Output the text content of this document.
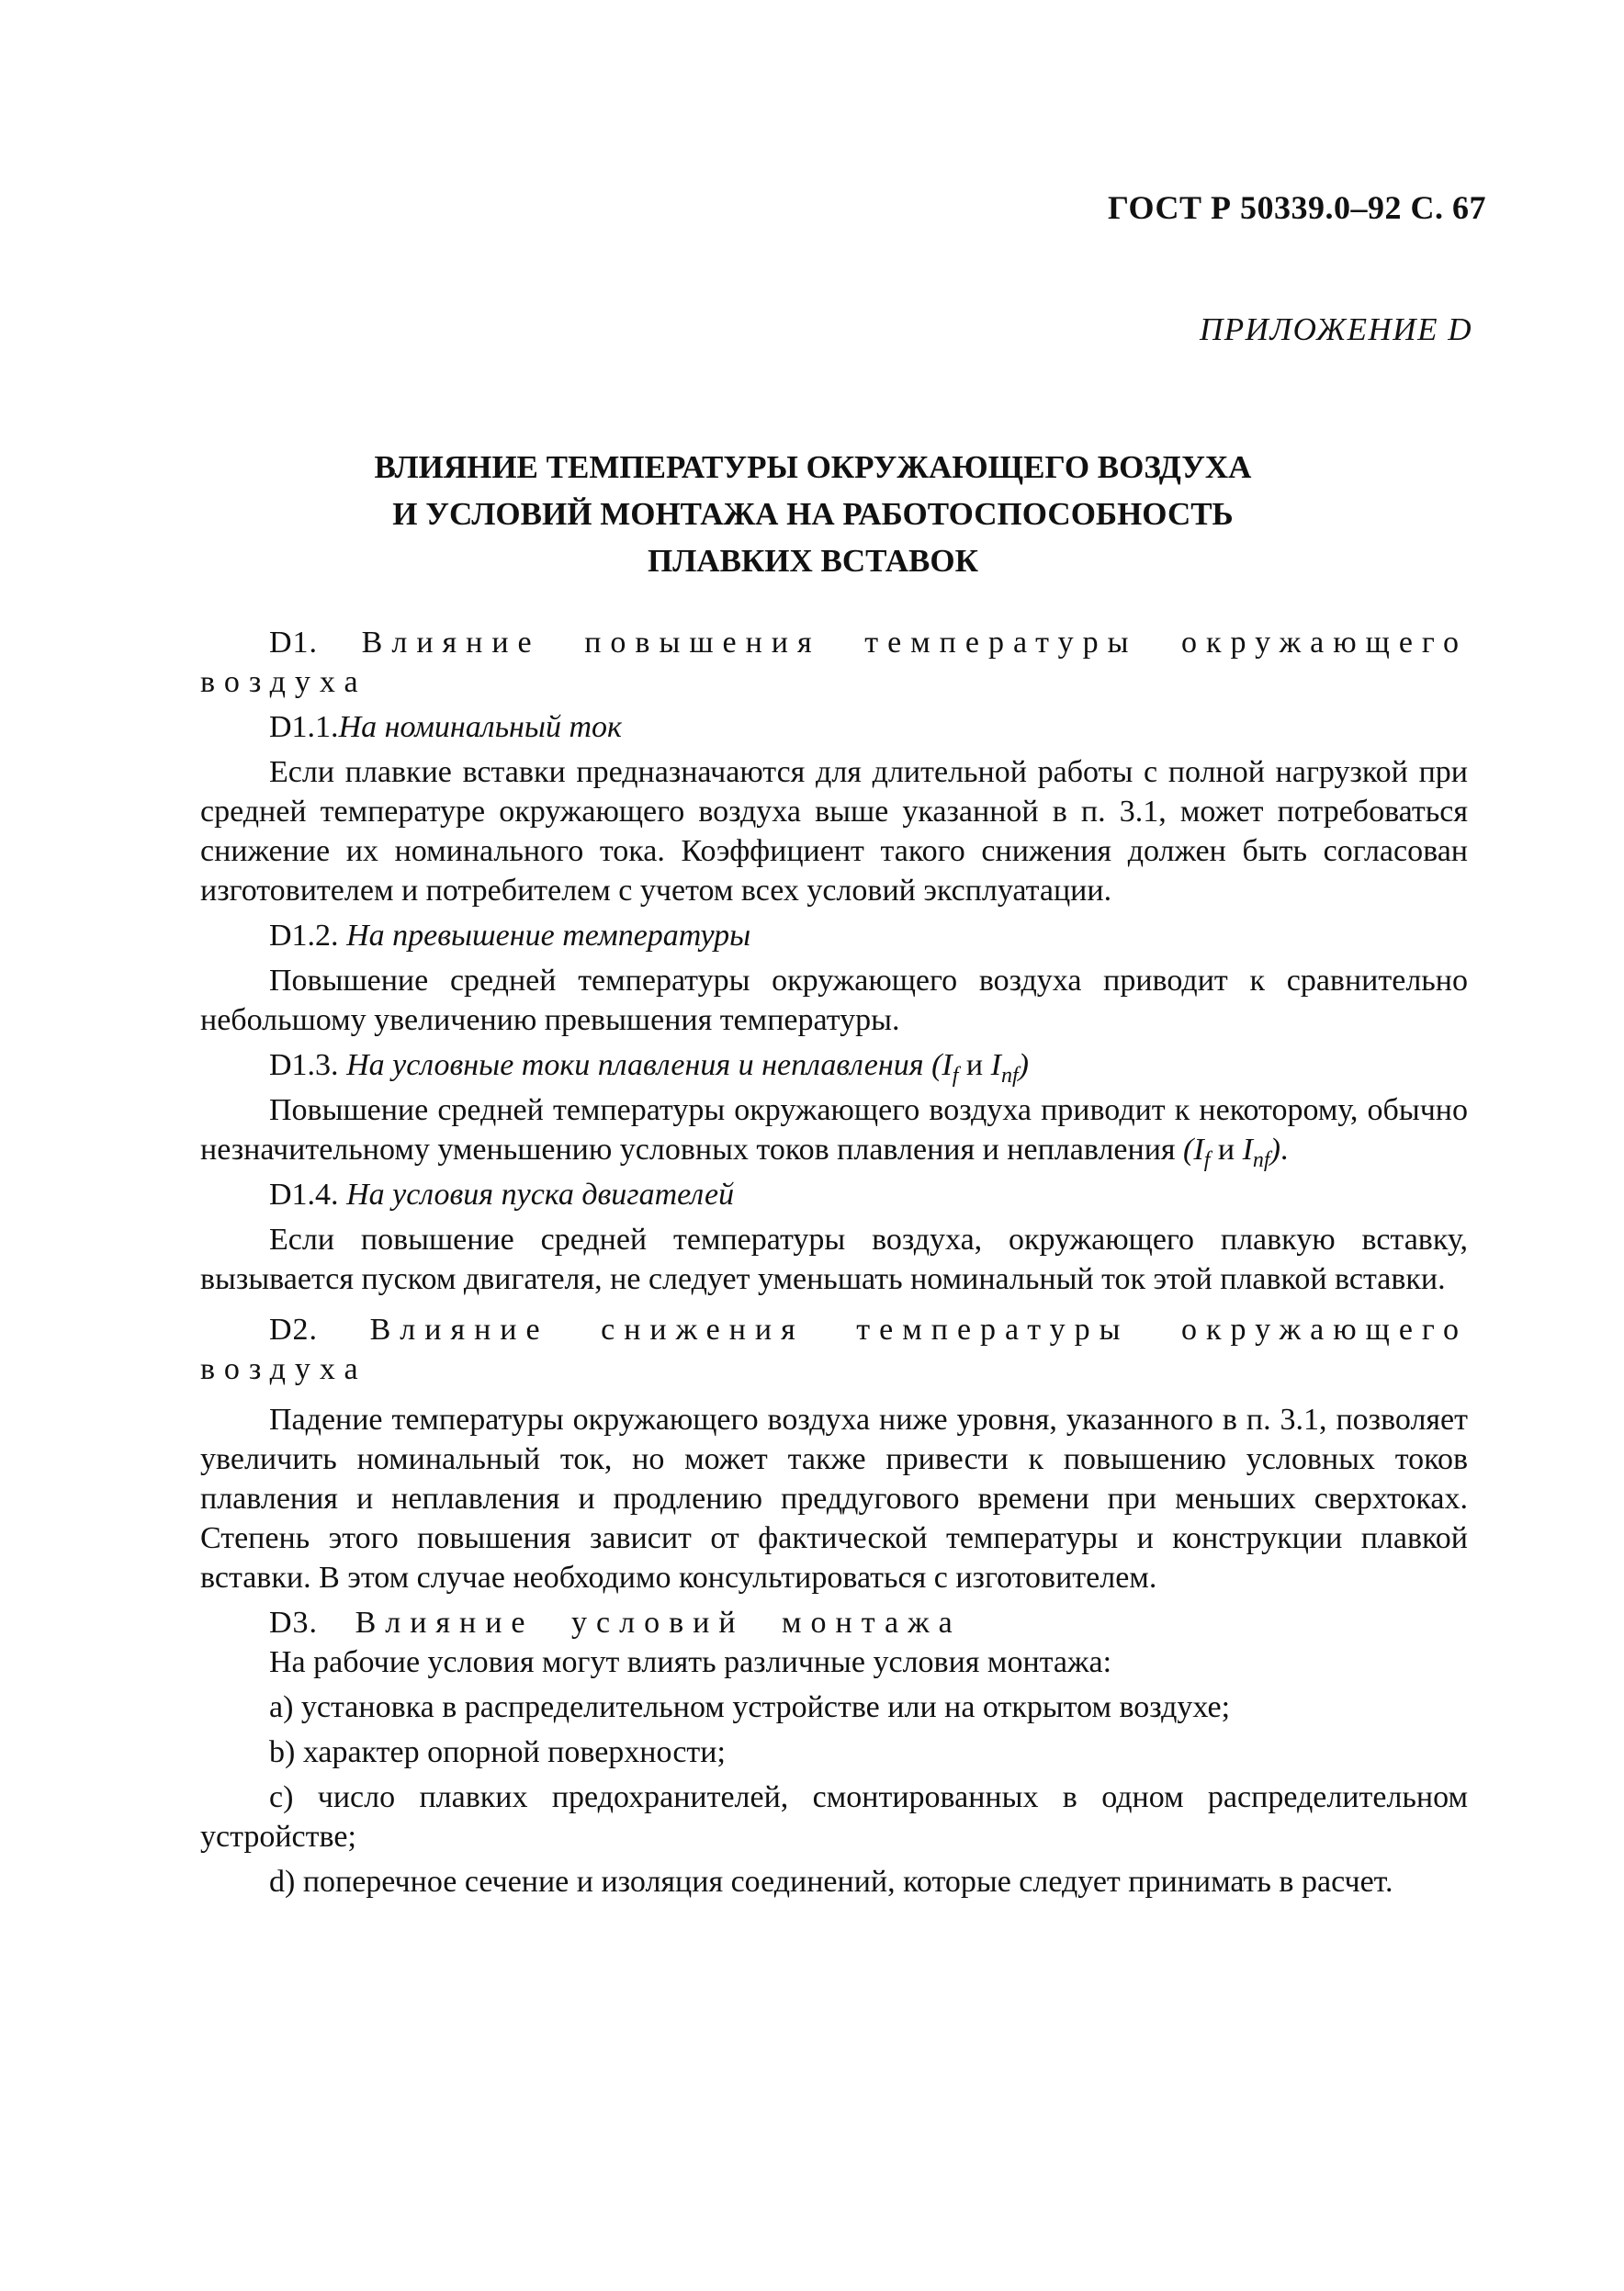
ГОСТ Р 50339.0–92 С. 67
ПРИЛОЖЕНИЕ D
ВЛИЯНИЕ ТЕМПЕРАТУРЫ ОКРУЖАЮЩЕГО ВОЗДУХА
И УСЛОВИЙ МОНТАЖА НА РАБОТОСПОСОБНОСТЬ
ПЛАВКИХ ВСТАВОК

D1. Влияние повышения температуры окружающего воздуха

D1.1.На номинальный ток

Если плавкие вставки предназначаются для длительной работы с полной нагрузкой при средней температуре окружающего воздуха выше указанной в п. 3.1, может потребоваться снижение их номинального тока. Коэффициент такого снижения должен быть согласован изготовителем и потребителем с учетом всех условий эксплуатации.

D1.2. На превышение температуры

Повышение средней температуры окружающего воздуха приводит к сравнительно небольшому увеличению превышения температуры.

D1.3. На условные токи плавления и неплавления ($I_f$ и $I_{nf}$)

Повышение средней температуры окружающего воздуха приводит к некоторому, обычно незначительному уменьшению условных токов плавления и неплавления ($I_f$ и $I_{nf}$).

D1.4. На условия пуска двигателей

Если повышение средней температуры воздуха, окружающего плавкую вставку, вызывается пуском двигателя, не следует уменьшать номинальный ток этой плавкой вставки.

D2. Влияние снижения температуры окружающего воздуха

Падение температуры окружающего воздуха ниже уровня, указанного в п. 3.1, позволяет увеличить номинальный ток, но может также привести к повышению условных токов плавления и неплавления и продлению преддугового времени при меньших сверхтоках. Степень этого повышения зависит от фактической температуры и конструкции плавкой вставки. В этом случае необходимо консультироваться с изготовителем.

D3. Влияние условий монтажа

На рабочие условия могут влиять различные условия монтажа:

а) установка в распределительном устройстве или на открытом воздухе;

b) характер опорной поверхности;

с) число плавких предохранителей, смонтированных в одном распределительном устройстве;

d) поперечное сечение и изоляция соединений, которые следует принимать в расчет.
